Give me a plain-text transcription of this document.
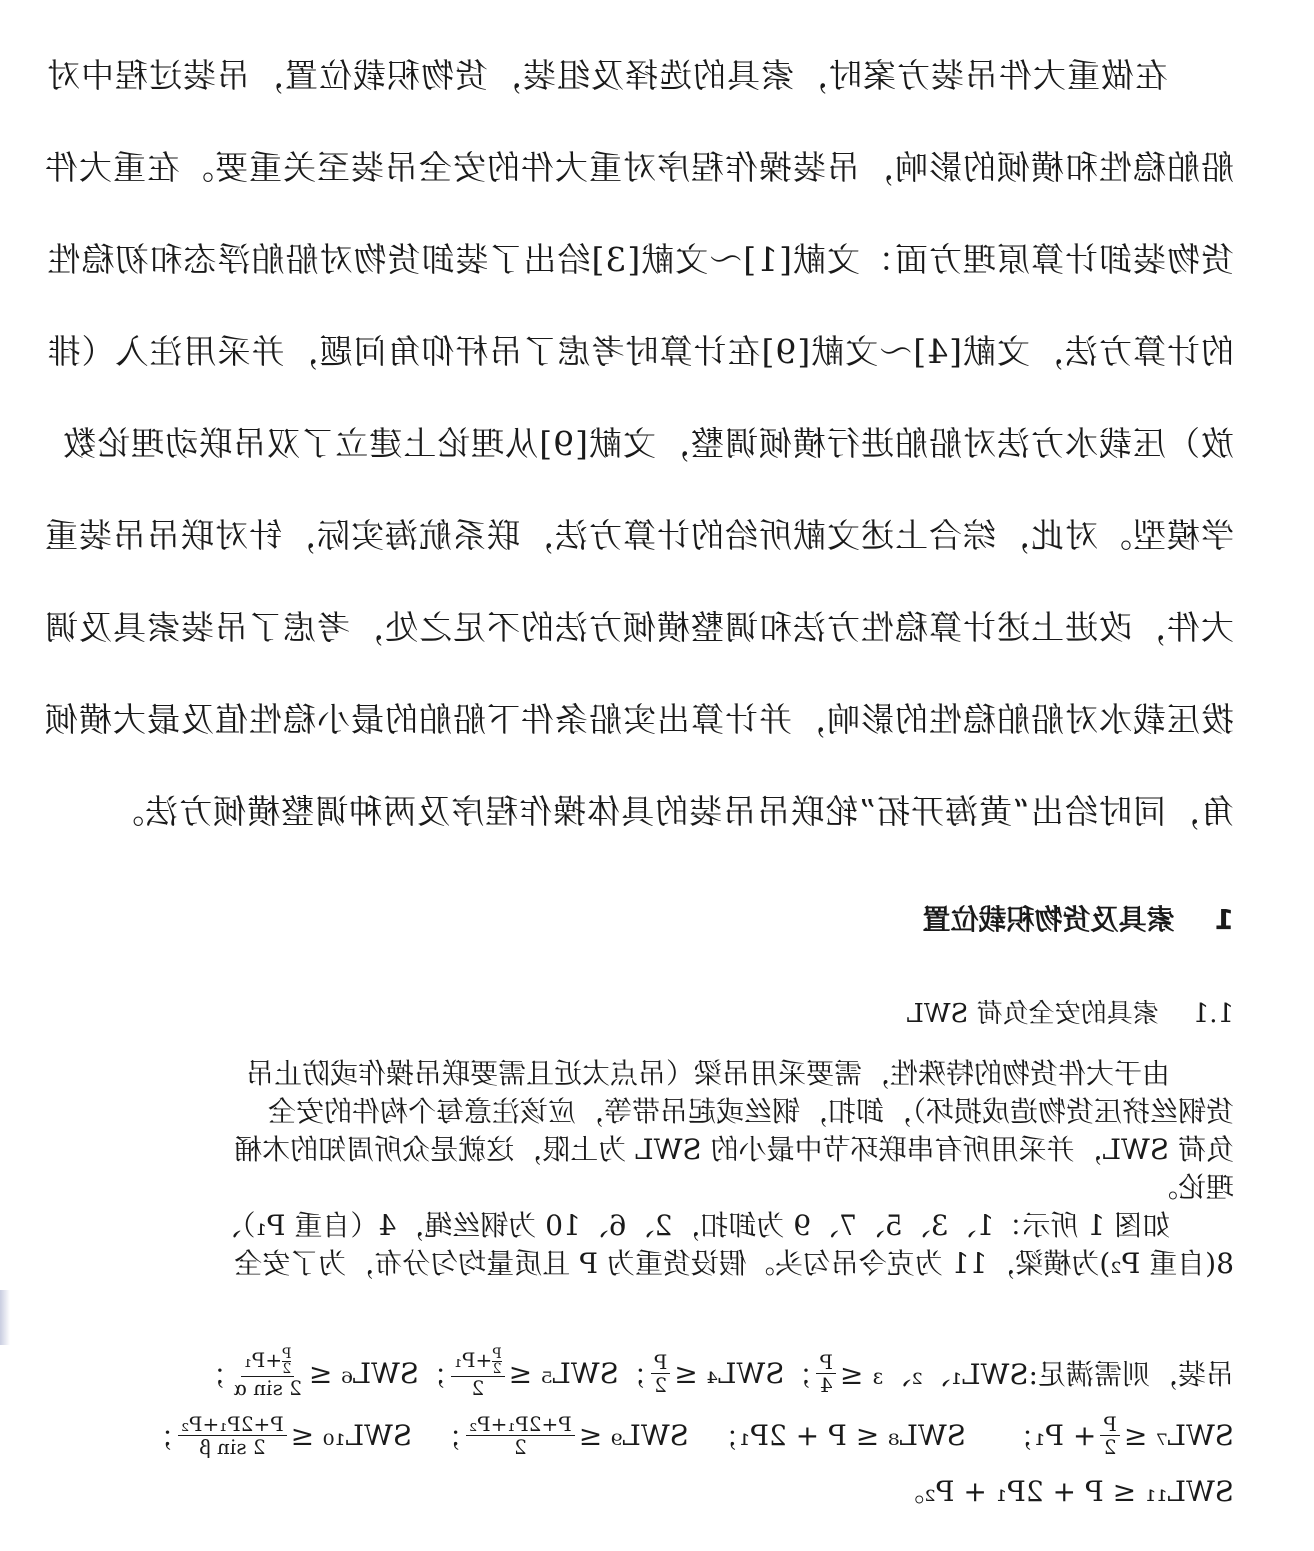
在做重大件吊装方案时，索具的选择及组装，货物积载位置，吊装过程中对
船舶稳性和横倾的影响，吊装操作程序对重大件的安全吊装至关重要。在重大件
货物装卸计算原理方面：文献[1]～文献[3]给出了装卸货物对船舶浮态和初稳性
的计算方法，文献[4]～文献[9]在计算时考虑了吊杆仰角问题，并采用注入（排
放）压载水方法对船舶进行横倾调整，文献[9]从理论上建立了双吊联动理论数
学模型。对此，综合上述文献所给的计算方法，联系航海实际，针对联吊吊装重
大件，改进上述计算稳性方法和调整横倾方法的不足之处，考虑了吊装索具及调
拨压载水对船舶稳性的影响，并计算出实船条件下船舶的最小稳性值及最大横倾
角，同时给出“黄海开拓”轮联吊吊装的具体操作程序及两种调整横倾方法。
1索具及货物积载位置
1.1索具的安全负荷 SWL
由于大件货物的特殊性，需要采用吊梁（吊点太近且需要联吊操作或防止吊
货钢丝挤压货物造成损坏），卸扣，钢丝或起吊带等，应该注意每个构件的安全
负荷 SWL，并采用所有串联环节中最小的 SWL 为上限，这就是众所周知的木桶
理论。
如图 1 所示：1、3、5、7、9 为卸扣，2、6、10 为钢丝绳，4（自重 P₁）、
8(自重 P₂)为横梁，11 为克令吊勾头。假设货重为 P 且质量均匀分布，为了安全
吊装，则需满足:SWL₁、₂、₃ ≤
$\frac{P}{4}$
；
SWL₄ ≤
$\frac{P}{2}$
；
SWL₅ ≤
$\frac{P}{2}$
+P₁
2
；
SWL₆ ≤
$\frac{P}{2}$
+P₁
2 sin α
；
SWL₇ ≤
$\frac{P}{2}$
+ P₁
；
SWL₈ ≤ P + 2P₁
；
SWL₉ ≤
$\frac{\text{P+2P₁+P₂}}{2}$
；
SWL₁₀ ≤
$\frac{\text{P+2P₁+P₂}}{\text{2 sin β}}$
；
SWL₁₁ ≤ P + 2P₁ + P₂。
